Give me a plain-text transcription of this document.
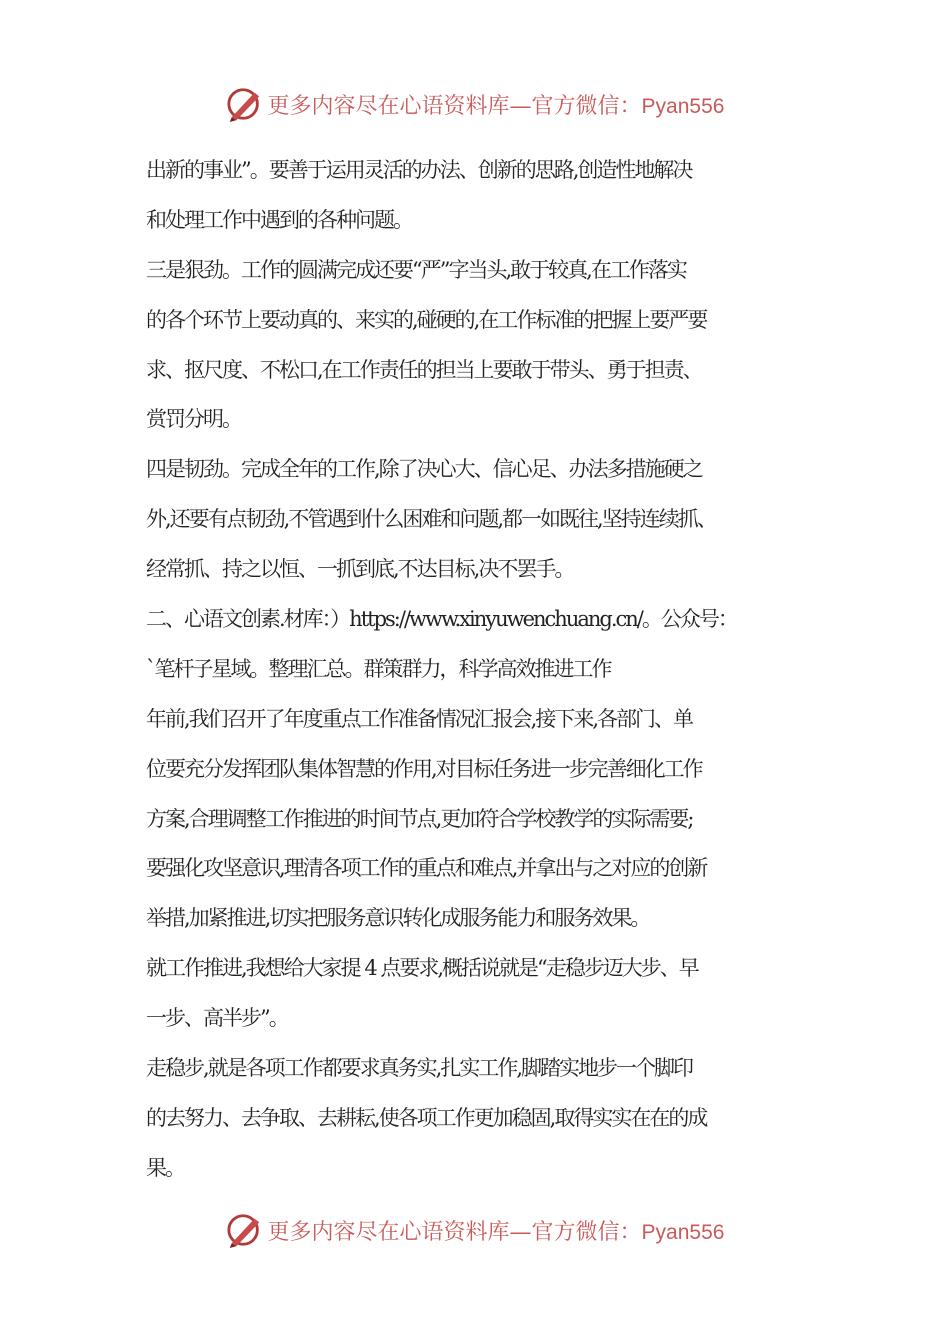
更多内容尽在心语资料库—官方微信：Pyan556
出新的事业”。要善于运用灵活的办法、创新的思路,创造性地解决
和处理工作中遇到的各种问题。
三是狠劲。工作的圆满完成还要“严”字当头,敢于较真,在工作落实
的各个环节上要动真的、来实的,碰硬的,在工作标准的把握上要严要
求、抠尺度、不松口,在工作责任的担当上要敢于带头、勇于担责、
赏罚分明。
四是韧劲。完成全年的工作,除了决心大、信心足、办法多措施硬之
外,还要有点韧劲,不管遇到什么困难和问题,都一如既往,坚持连续抓、
经常抓、持之以恒、一抓到底,不达目标,决不罢手。
二、心语文创素.材库：）https://www.xinyuwenchuang.cn/。公众号：
`笔杆子星域。整理汇总。群策群力，科学高效推进工作
年前,我们召开了年度重点工作准备情况汇报会,接下来,各部门、单
位要充分发挥团队集体智慧的作用,对目标任务进一步完善细化工作
方案,合理调整工作推进的时间节点,更加符合学校教学的实际需要;
要强化攻坚意识,理清各项工作的重点和难点,并拿出与之对应的创新
举措,加紧推进,切实把服务意识转化成服务能力和服务效果。
就工作推进,我想给大家提 4 点要求,概括说就是“走稳步迈大步、早
一步、高半步”。
走稳步,就是各项工作都要求真务实,扎实工作,脚踏实地步一个脚印
的去努力、去争取、去耕耘,使各项工作更加稳固,取得实实在在的成
果。
更多内容尽在心语资料库—官方微信：Pyan556
